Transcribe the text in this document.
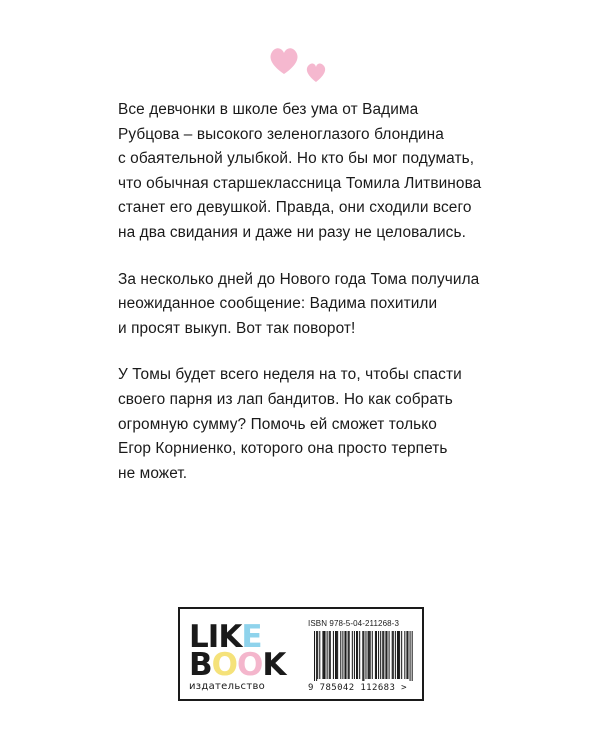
Все девчонки в школе без ума от Вадима
Рубцова – высокого зеленоглазого блондина
с обаятельной улыбкой. Но кто бы мог подумать,
что обычная старшеклассница Томила Литвинова
станет его девушкой. Правда, они сходили всего
на два свидания и даже ни разу не целовались.

За несколько дней до Нового года Тома получила
неожиданное сообщение: Вадима похитили
и просят выкуп. Вот так поворот!

У Томы будет всего неделя на то, чтобы спасти
своего парня из лап бандитов. Но как собрать
огромную сумму? Помочь ей сможет только
Егор Корниенко, которого она просто терпеть
не может.

L I K E
B O O K
издательство
ISBN 978-5-04-211268-3
9 785042 112683 >
